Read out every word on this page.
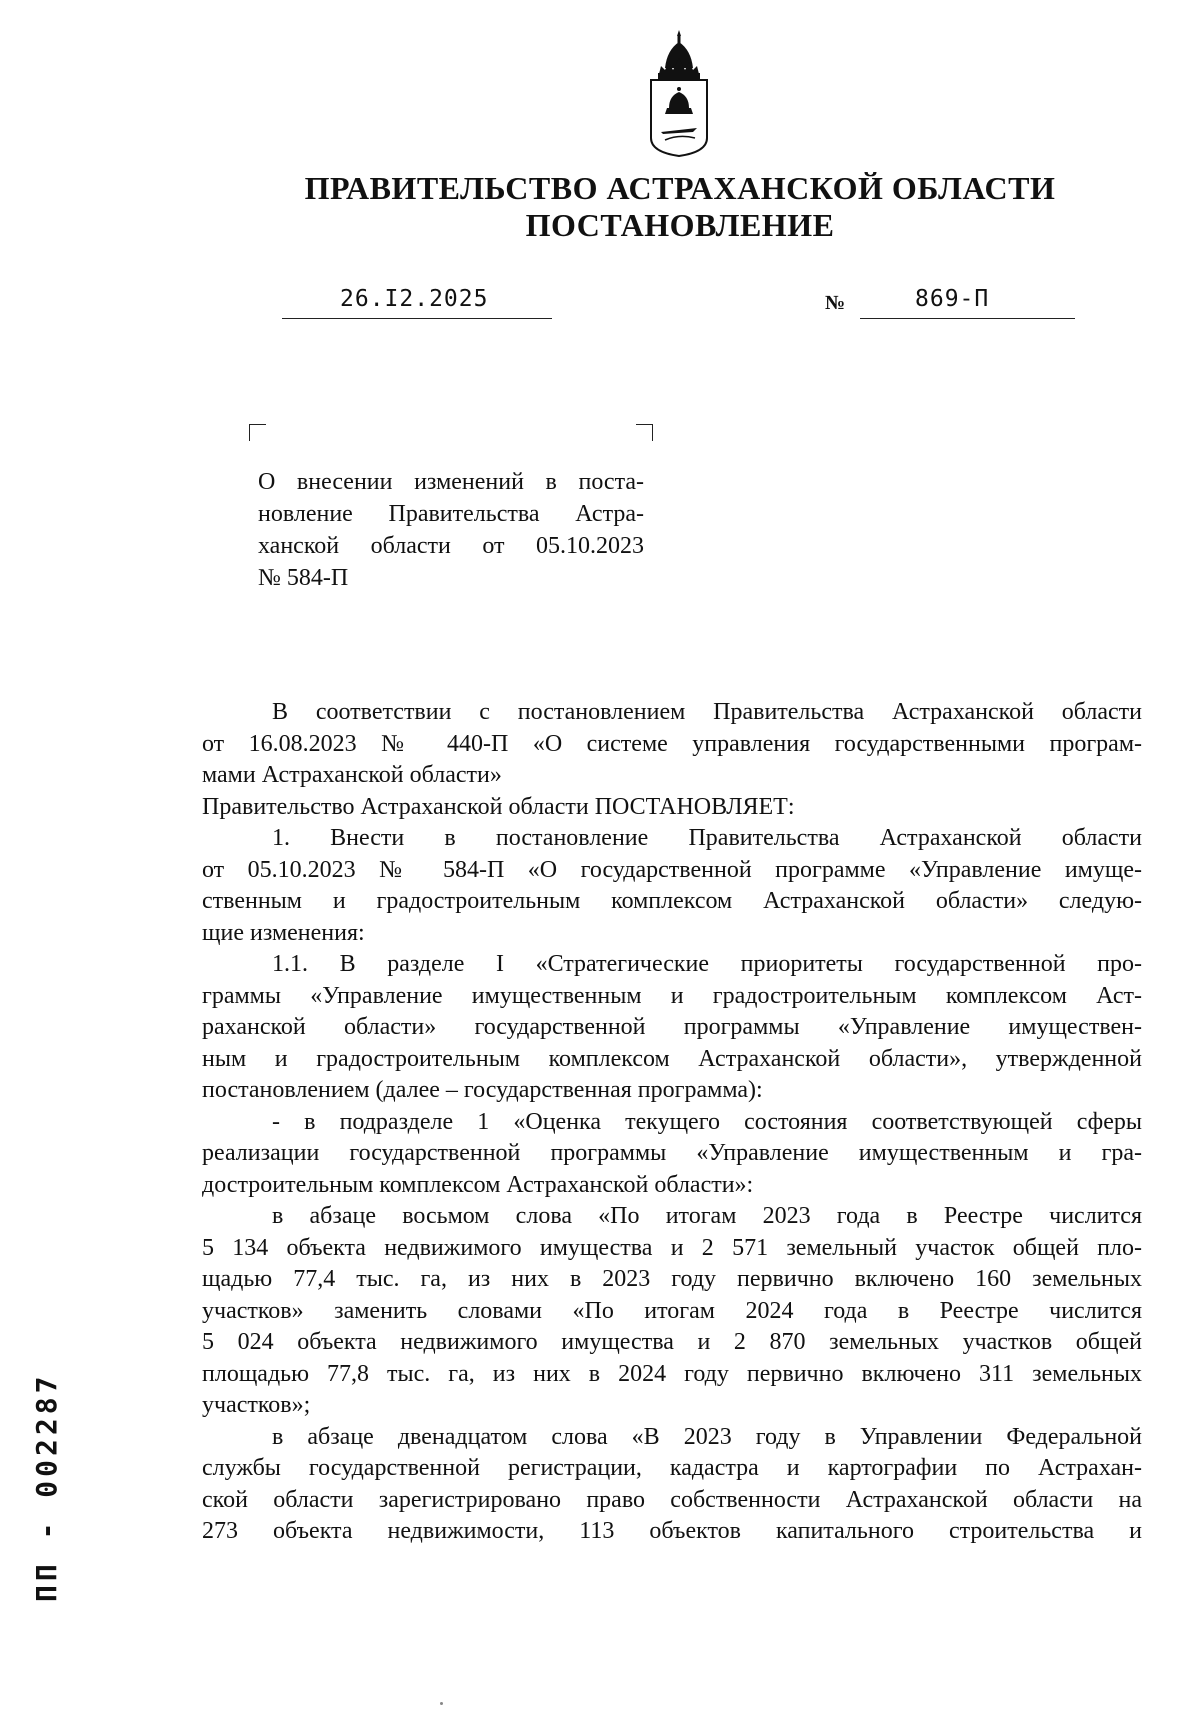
ПРАВИТЕЛЬСТВО АСТРАХАНСКОЙ ОБЛАСТИ
ПОСТАНОВЛЕНИЕ
26.I2.2025	№	869-П
О внесении изменений в поста-
новление Правительства Астра-
ханской области от 05.10.2023
№ 584-П
В соответствии с постановлением Правительства Астраханской области
от 16.08.2023 № 440-П «О системе управления государственными програм-
мами Астраханской области»
Правительство Астраханской области ПОСТАНОВЛЯЕТ:
1. Внести в постановление Правительства Астраханской области
от 05.10.2023 № 584-П «О государственной программе «Управление имуще-
ственным и градостроительным комплексом Астраханской области» следую-
щие изменения:
1.1. В разделе I «Стратегические приоритеты государственной про-
граммы «Управление имущественным и градостроительным комплексом Аст-
раханской области» государственной программы «Управление имуществен-
ным и градостроительным комплексом Астраханской области», утвержденной
постановлением (далее – государственная программа):
- в подразделе 1 «Оценка текущего состояния соответствующей сферы
реализации государственной программы «Управление имущественным и гра-
достроительным комплексом Астраханской области»:
в абзаце восьмом слова «По итогам 2023 года в Реестре числится
5 134 объекта недвижимого имущества и 2 571 земельный участок общей пло-
щадью 77,4 тыс. га, из них в 2023 году первично включено 160 земельных
участков» заменить словами «По итогам 2024 года в Реестре числится
5 024 объекта недвижимого имущества и 2 870 земельных участков общей
площадью 77,8 тыс. га, из них в 2024 году первично включено 311 земельных
участков»;
в абзаце двенадцатом слова «В 2023 году в Управлении Федеральной
службы государственной регистрации, кадастра и картографии по Астрахан-
ской области зарегистрировано право собственности Астраханской области на
273 объекта недвижимости, 113 объектов капитального строительства и
ПП - 002287
